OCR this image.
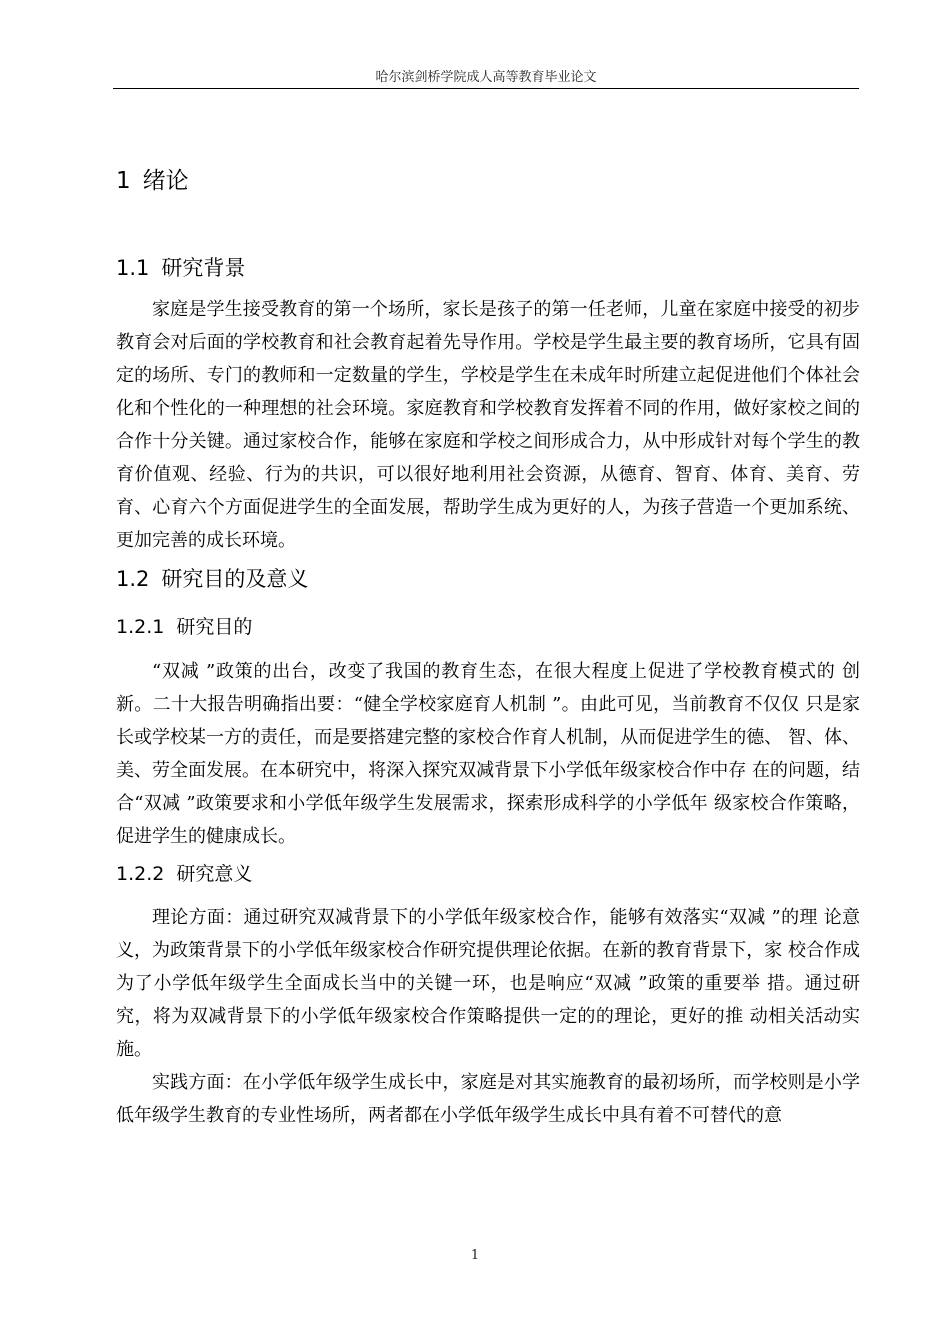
哈尔滨剑桥学院成人高等教育毕业论文
1 绪论
1.1 研究背景

家庭是学生接受教育的第一个场所，家长是孩子的第一任老师，儿童在家庭中接受的初步教育会对后面的学校教育和社会教育起着先导作用。学校是学生最主要的教育场所，它具有固定的场所、专门的教师和一定数量的学生，学校是学生在未成年时所建立起促进他们个体社会化和个性化的一种理想的社会环境。家庭教育和学校教育发挥着不同的作用，做好家校之间的合作十分关键。通过家校合作，能够在家庭和学校之间形成合力，从中形成针对每个学生的教育价值观、经验、行为的共识，可以很好地利用社会资源，从德育、智育、体育、美育、劳育、心育六个方面促进学生的全面发展，帮助学生成为更好的人，为孩子营造一个更加系统、更加完善的成长环境。

1.2 研究目的及意义
1.2.1 研究目的

“双减 ”政策的出台，改变了我国的教育生态，在很大程度上促进了学校教育模式的 创新。二十大报告明确指出要：“健全学校家庭育人机制 ”。由此可见，当前教育不仅仅 只是家长或学校某一方的责任，而是要搭建完整的家校合作育人机制，从而促进学生的德、 智、体、美、劳全面发展。在本研究中，将深入探究双减背景下小学低年级家校合作中存 在的问题，结合“双减 ”政策要求和小学低年级学生发展需求，探索形成科学的小学低年 级家校合作策略，促进学生的健康成长。

1.2.2 研究意义

理论方面：通过研究双减背景下的小学低年级家校合作，能够有效落实“双减 ”的理 论意义，为政策背景下的小学低年级家校合作研究提供理论依据。在新的教育背景下，家 校合作成为了小学低年级学生全面成长当中的关键一环，也是响应“双减 ”政策的重要举 措。通过研究，将为双减背景下的小学低年级家校合作策略提供一定的的理论，更好的推 动相关活动实施。

实践方面：在小学低年级学生成长中，家庭是对其实施教育的最初场所，而学校则是小学低年级学生教育的专业性场所，两者都在小学低年级学生成长中具有着不可替代的意

1
